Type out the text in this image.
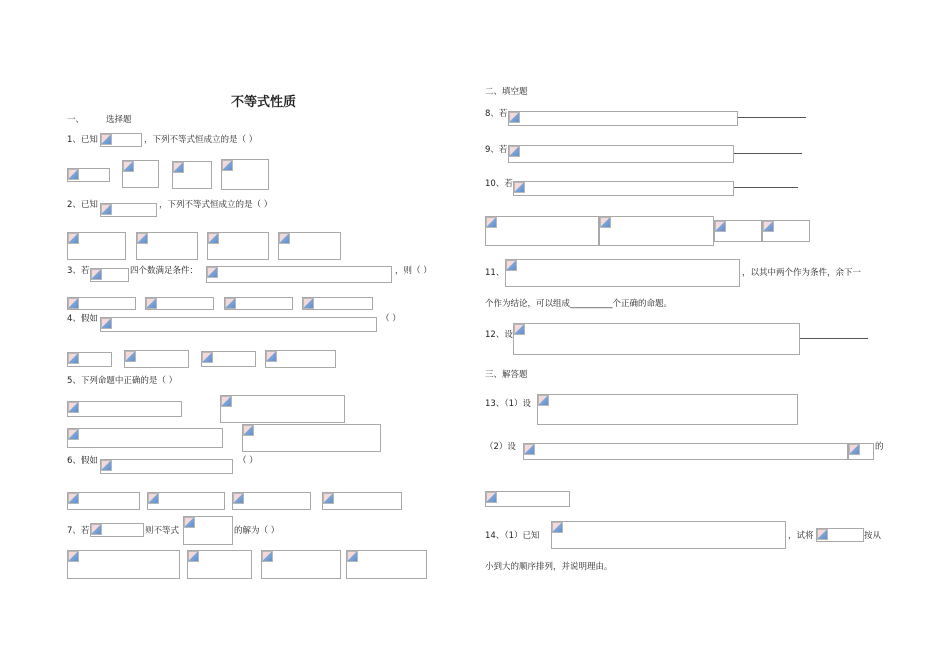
不等式性质
一、	选择题
1、已知	，下列不等式恒成立的是（ ）
2、已知	，下列不等式恒成立的是（ ）
3、若	四个数满足条件：	，则（ ）
4、假如	（ ）
5、下列命题中正确的是（ ）
6、假如	（ ）
7、若	则不等式	的解为（ ）
二、填空题
8、若
9、若
10、若
11、	，以其中两个作为条件，余下一
个作为结论，可以组成__________个正确的命题。
12、设
三、解答题
13、（1）设
（2）设	的
14、（1）已知	，试将	按从
小到大的顺序排列，并说明理由。
